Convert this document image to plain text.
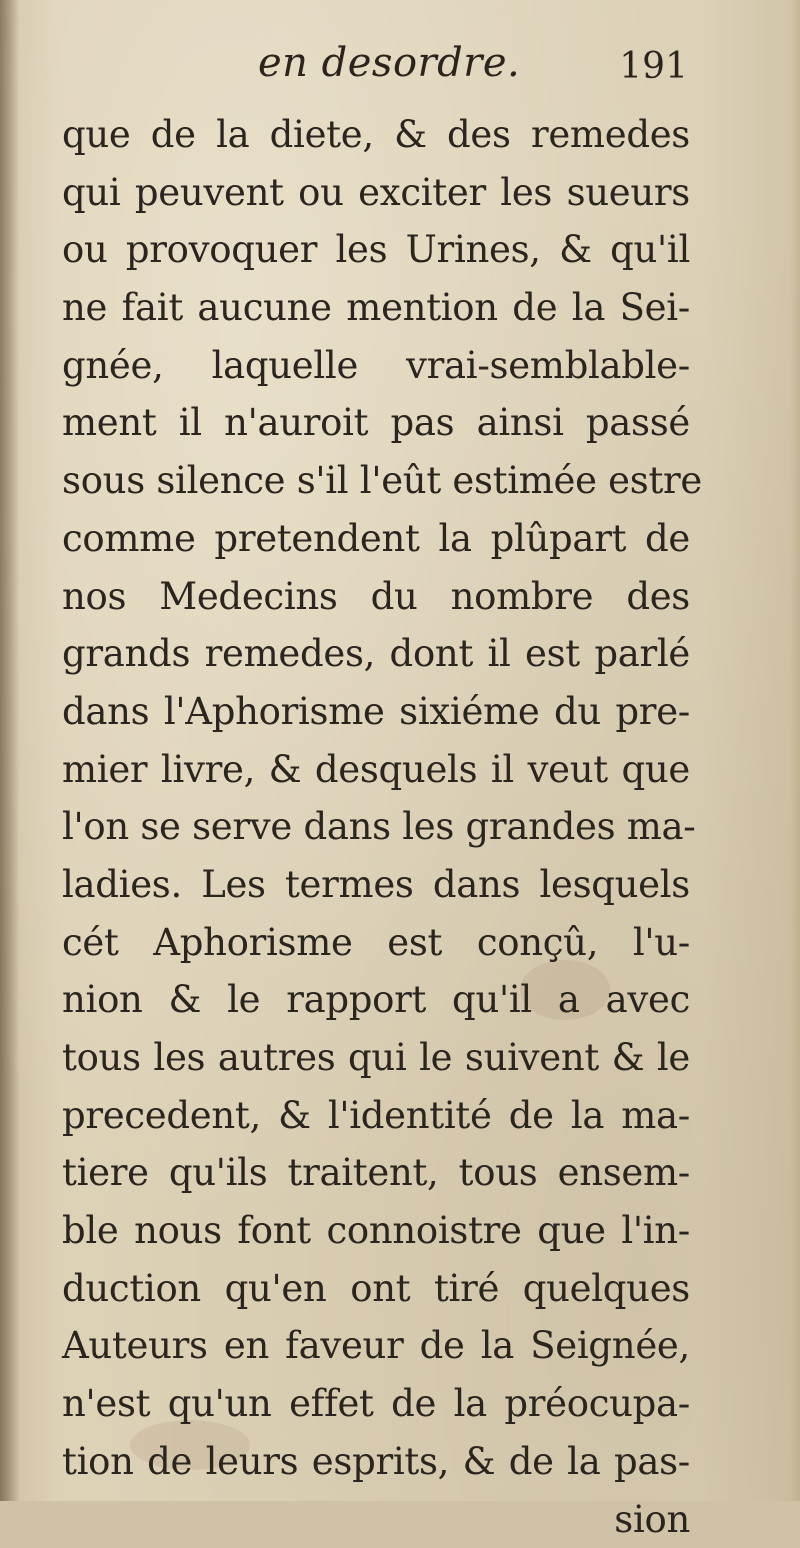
en desordre.	191
que de la diete, & des remedes
qui peuvent ou exciter les sueurs
ou provoquer les Urines, & qu'il
ne fait aucune mention de la Sei-
gnée, laquelle vrai-semblable-
ment il n'auroit pas ainsi passé
sous silence s'il l'eût estimée estre
comme pretendent la plûpart de
nos Medecins du nombre des
grands remedes, dont il est parlé
dans l'Aphorisme sixiéme du pre-
mier livre, & desquels il veut que
l'on se serve dans les grandes ma-
ladies. Les termes dans lesquels
cét Aphorisme est conçû, l'u-
nion & le rapport qu'il a avec
tous les autres qui le suivent & le
precedent, & l'identité de la ma-
tiere qu'ils traitent, tous ensem-
ble nous font connoistre que l'in-
duction qu'en ont tiré quelques
Auteurs en faveur de la Seignée,
n'est qu'un effet de la préocupa-
tion de leurs esprits, & de la pas-
sion
